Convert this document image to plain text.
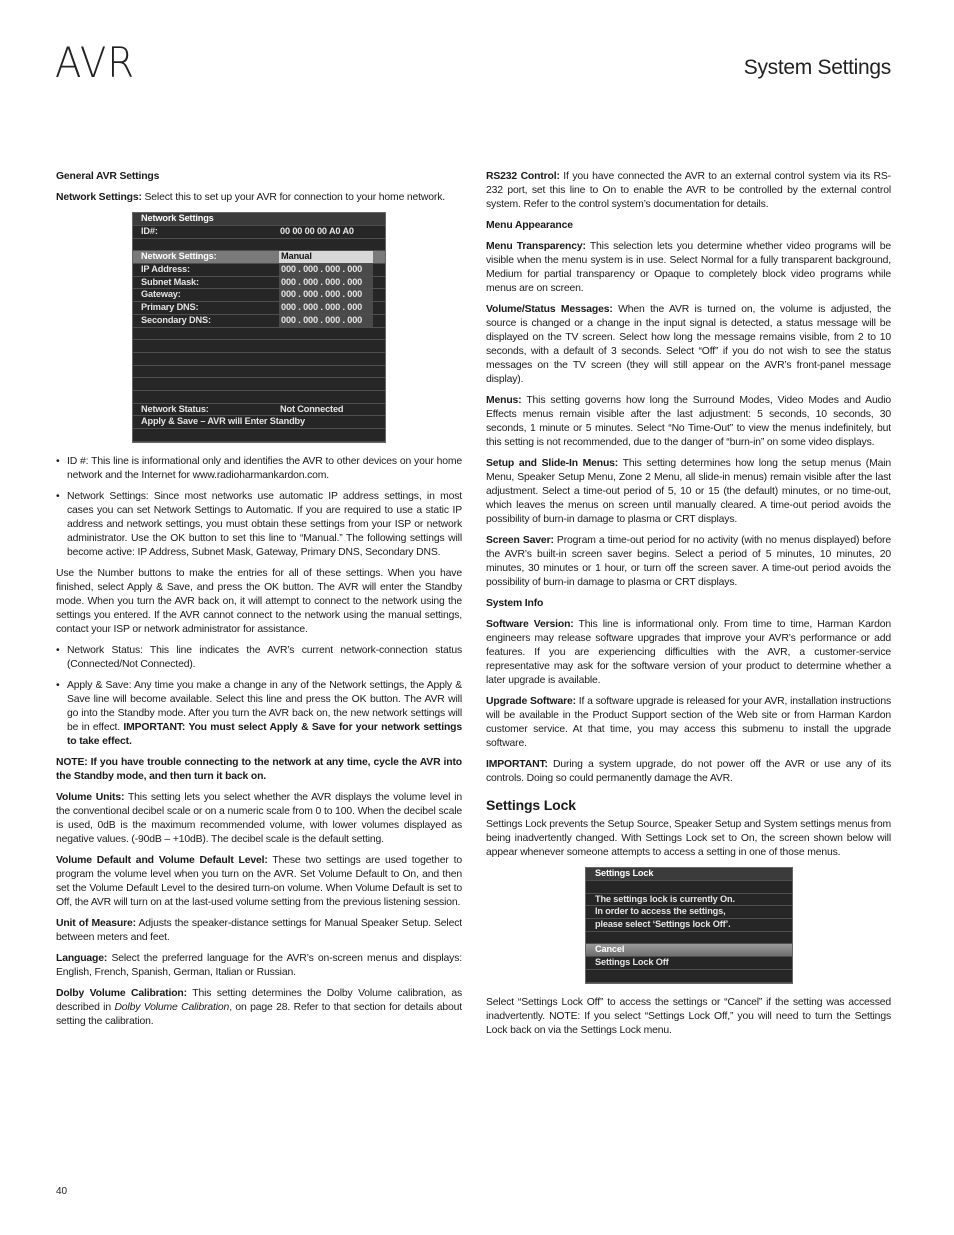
AVR	System Settings
General AVR Settings

Network Settings: Select this to set up your AVR for connection to your home network.

Network Settings
ID#:	00 00 00 00 A0 A0
Network Settings:	Manual
IP Address:	000 . 000 . 000 . 000
Subnet Mask:	000 . 000 . 000 . 000
Gateway:	000 . 000 . 000 . 000
Primary DNS:	000 . 000 . 000 . 000
Secondary DNS:	000 . 000 . 000 . 000
Network Status:	Not Connected
Apply & Save – AVR will Enter Standby
• ID #: This line is informational only and identifies the AVR to other devices on your home network and the Internet for www.radioharmankardon.com.
• Network Settings: Since most networks use automatic IP address settings, in most cases you can set Network Settings to Automatic. If you are required to use a static IP address and network settings, you must obtain these settings from your ISP or network administrator. Use the OK button to set this line to “Manual.” The following settings will become active: IP Address, Subnet Mask, Gateway, Primary DNS, Secondary DNS.

Use the Number buttons to make the entries for all of these settings. When you have finished, select Apply & Save, and press the OK button. The AVR will enter the Standby mode. When you turn the AVR back on, it will attempt to connect to the network using the settings you entered. If the AVR cannot connect to the network using the manual settings, contact your ISP or network administrator for assistance.

• Network Status: This line indicates the AVR’s current network-connection status (Connected/Not Connected).
• Apply & Save: Any time you make a change in any of the Network settings, the Apply & Save line will become available. Select this line and press the OK button. The AVR will go into the Standby mode. After you turn the AVR back on, the new network settings will be in effect. IMPORTANT: You must select Apply & Save for your network settings to take effect.

NOTE: If you have trouble connecting to the network at any time, cycle the AVR into the Standby mode, and then turn it back on.

Volume Units: This setting lets you select whether the AVR displays the volume level in the conventional decibel scale or on a numeric scale from 0 to 100. When the decibel scale is used, 0dB is the maximum recommended volume, with lower volumes displayed as negative values. (-90dB – +10dB). The decibel scale is the default setting.

Volume Default and Volume Default Level: These two settings are used together to program the volume level when you turn on the AVR. Set Volume Default to On, and then set the Volume Default Level to the desired turn-on volume. When Volume Default is set to Off, the AVR will turn on at the last-used volume setting from the previous listening session.

Unit of Measure: Adjusts the speaker-distance settings for Manual Speaker Setup. Select between meters and feet.

Language: Select the preferred language for the AVR’s on-screen menus and displays: English, French, Spanish, German, Italian or Russian.

Dolby Volume Calibration: This setting determines the Dolby Volume calibration, as described in Dolby Volume Calibration, on page 28. Refer to that section for details about setting the calibration.

RS232 Control: If you have connected the AVR to an external control system via its RS-232 port, set this line to On to enable the AVR to be controlled by the external control system. Refer to the control system’s documentation for details.

Menu Appearance

Menu Transparency: This selection lets you determine whether video programs will be visible when the menu system is in use. Select Normal for a fully transparent background, Medium for partial transparency or Opaque to completely block video programs while menus are on screen.

Volume/Status Messages: When the AVR is turned on, the volume is adjusted, the source is changed or a change in the input signal is detected, a status message will be displayed on the TV screen. Select how long the message remains visible, from 2 to 10 seconds, with a default of 3 seconds. Select “Off” if you do not wish to see the status messages on the TV screen (they will still appear on the AVR’s front-panel message display).

Menus: This setting governs how long the Surround Modes, Video Modes and Audio Effects menus remain visible after the last adjustment: 5 seconds, 10 seconds, 30 seconds, 1 minute or 5 minutes. Select “No Time-Out” to view the menus indefinitely, but this setting is not recommended, due to the danger of “burn-in” on some video displays.

Setup and Slide-In Menus: This setting determines how long the setup menus (Main Menu, Speaker Setup Menu, Zone 2 Menu, all slide-in menus) remain visible after the last adjustment. Select a time-out period of 5, 10 or 15 (the default) minutes, or no time-out, which leaves the menus on screen until manually cleared. A time-out period avoids the possibility of burn-in damage to plasma or CRT displays.

Screen Saver: Program a time-out period for no activity (with no menus displayed) before the AVR’s built-in screen saver begins. Select a period of 5 minutes, 10 minutes, 20 minutes, 30 minutes or 1 hour, or turn off the screen saver. A time-out period avoids the possibility of burn-in damage to plasma or CRT displays.

System Info

Software Version: This line is informational only. From time to time, Harman Kardon engineers may release software upgrades that improve your AVR’s performance or add features. If you are experiencing difficulties with the AVR, a customer-service representative may ask for the software version of your product to determine whether a later upgrade is available.

Upgrade Software: If a software upgrade is released for your AVR, installation instructions will be available in the Product Support section of the Web site or from Harman Kardon customer service. At that time, you may access this submenu to install the upgrade software.

IMPORTANT: During a system upgrade, do not power off the AVR or use any of its controls. Doing so could permanently damage the AVR.

Settings Lock

Settings Lock prevents the Setup Source, Speaker Setup and System settings menus from being inadvertently changed. With Settings Lock set to On, the screen shown below will appear whenever someone attempts to access a setting in one of those menus.

Settings Lock
The settings lock is currently On.
In order to access the settings,
please select ‘Settings lock Off’.
Cancel
Settings Lock Off

Select “Settings Lock Off” to access the settings or “Cancel” if the setting was accessed inadvertently. NOTE: If you select “Settings Lock Off,” you will need to turn the Settings Lock back on via the Settings Lock menu.

40
